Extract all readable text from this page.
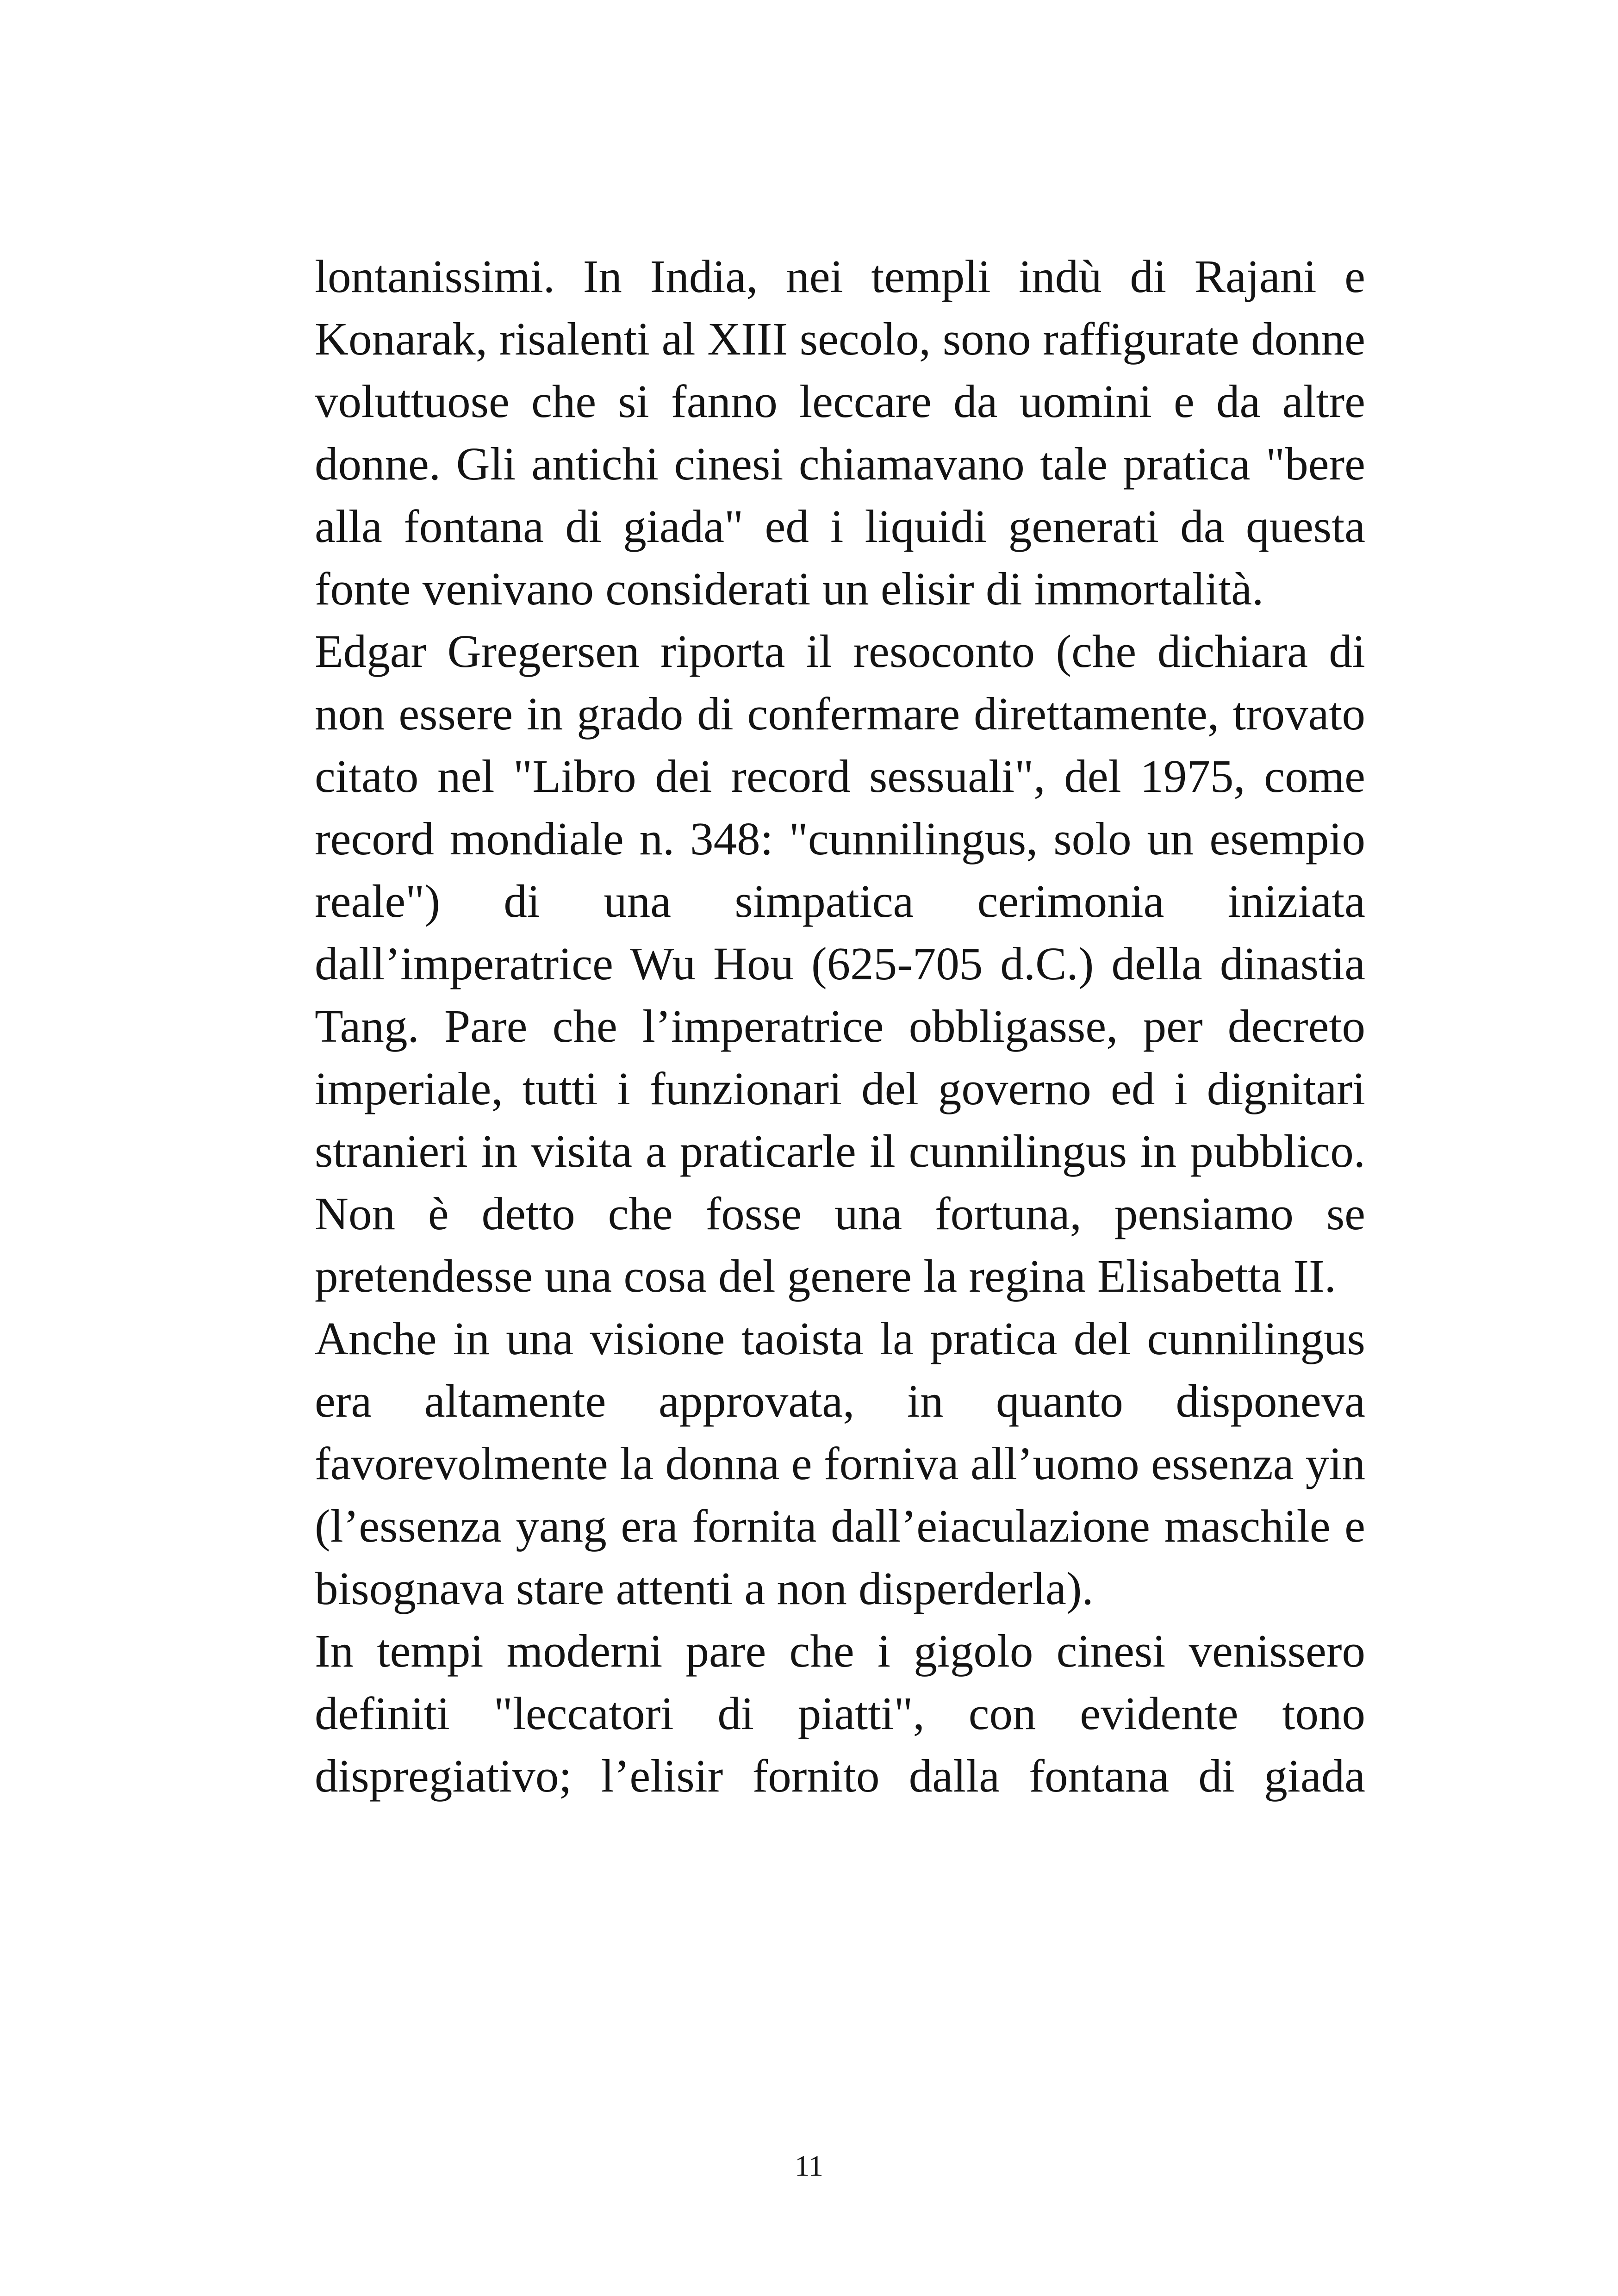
lontanissimi. In India, nei templi indù di Rajani e Konarak, risalenti al XIII secolo, sono raffigurate donne voluttuose che si fanno leccare da uomini e da altre donne. Gli antichi cinesi chiamavano tale pratica "bere alla fontana di giada" ed i liquidi generati da questa fonte venivano considerati un elisir di immortalità.

Edgar Gregersen riporta il resoconto (che dichiara di non essere in grado di confermare direttamente, trovato citato nel "Libro dei record sessuali", del 1975, come record mondiale n. 348: "cunnilingus, solo un esempio reale") di una simpatica cerimonia iniziata dall’imperatrice Wu Hou (625-705 d.C.) della dinastia Tang. Pare che l’imperatrice obbligasse, per decreto imperiale, tutti i funzionari del governo ed i dignitari stranieri in visita a praticarle il cunnilingus in pubblico. Non è detto che fosse una fortuna, pensiamo se pretendesse una cosa del genere la regina Elisabetta II.

Anche in una visione taoista la pratica del cunnilingus era altamente approvata, in quanto disponeva favorevolmente la donna e forniva all’uomo essenza yin (l’essenza yang era fornita dall’eiaculazione maschile e bisognava stare attenti a non disperderla).

In tempi moderni pare che i gigolo cinesi venissero definiti "leccatori di piatti", con evidente tono dispregiativo; l’elisir fornito dalla fontana di giada

11
